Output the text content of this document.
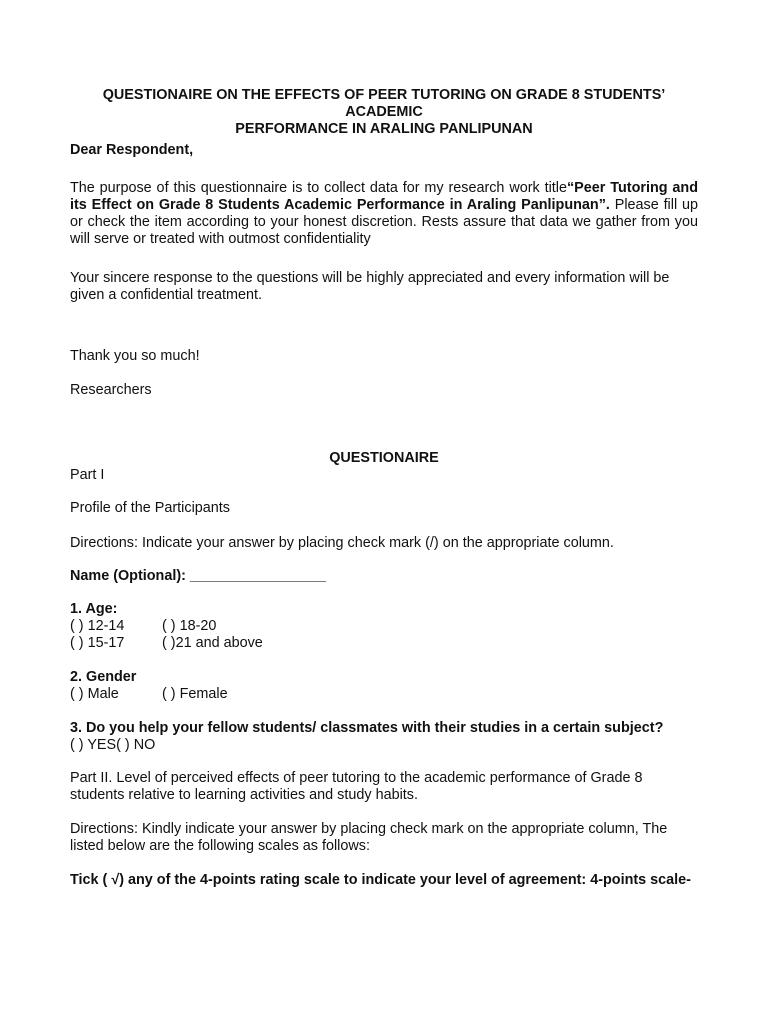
QUESTIONAIRE ON THE EFFECTS OF PEER TUTORING ON GRADE 8 STUDENTS’ ACADEMIC
PERFORMANCE IN ARALING PANLIPUNAN
Dear Respondent,

The purpose of this questionnaire is to collect data for my research work title“Peer Tutoring and its Effect on Grade 8 Students Academic Performance in Araling Panlipunan”. Please fill up or check the item according to your honest discretion. Rests assure that data we gather from you will serve or treated with outmost confidentiality

Your sincere response to the questions will be highly appreciated and every information will be given a confidential treatment.

Thank you so much!
Researchers
QUESTIONAIRE
Part I
Profile of the Participants
Directions: Indicate your answer by placing check mark (/) on the appropriate column.
Name (Optional): _________________
1. Age:
( ) 12-14	( ) 18-20
( ) 15-17	( )21 and above
2. Gender
( ) Male	( ) Female
3. Do you help your fellow students/ classmates with their studies in a certain subject?
( ) YES( ) NO

Part II. Level of perceived effects of peer tutoring to the academic performance of Grade 8 students relative to learning activities and study habits.

Directions: Kindly indicate your answer by placing check mark on the appropriate column, The listed below are the following scales as follows:

Tick ( √) any of the 4-points rating scale to indicate your level of agreement: 4-points scale-
